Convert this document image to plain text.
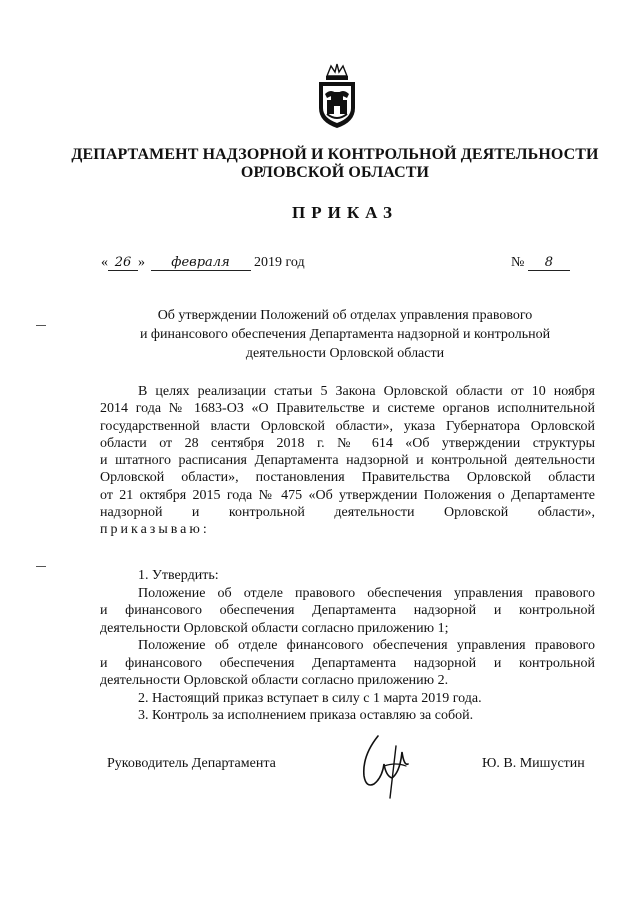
ДЕПАРТАМЕНТ НАДЗОРНОЙ И КОНТРОЛЬНОЙ ДЕЯТЕЛЬНОСТИ
ОРЛОВСКОЙ ОБЛАСТИ
ПРИКАЗ
« 26 » февраля 2019 год	№ 8
Об утверждении Положений об отделах управления правового
и финансового обеспечения Департамента надзорной и контрольной
деятельности Орловской области

В целях реализации статьи 5 Закона Орловской области от 10 ноября

2014 года № 1683-ОЗ «О Правительстве и системе органов исполнительной

государственной власти Орловской области», указа Губернатора Орловской

области от 28 сентября 2018 г. № 614 «Об утверждении структуры

и штатного расписания Департамента надзорной и контрольной деятельности

Орловской области», постановления Правительства Орловской области

от 21 октября 2015 года № 475 «Об утверждении Положения о Департаменте

надзорной и контрольной деятельности Орловской области»,

приказываю:

1. Утвердить:

Положение об отделе правового обеспечения управления правового

и финансового обеспечения Департамента надзорной и контрольной

деятельности Орловской области согласно приложению 1;

Положение об отделе финансового обеспечения управления правового

и финансового обеспечения Департамента надзорной и контрольной

деятельности Орловской области согласно приложению 2.

2. Настоящий приказ вступает в силу с 1 марта 2019 года.

3. Контроль за исполнением приказа оставляю за собой.

Руководитель Департамента	Ю. В. Мишустин
